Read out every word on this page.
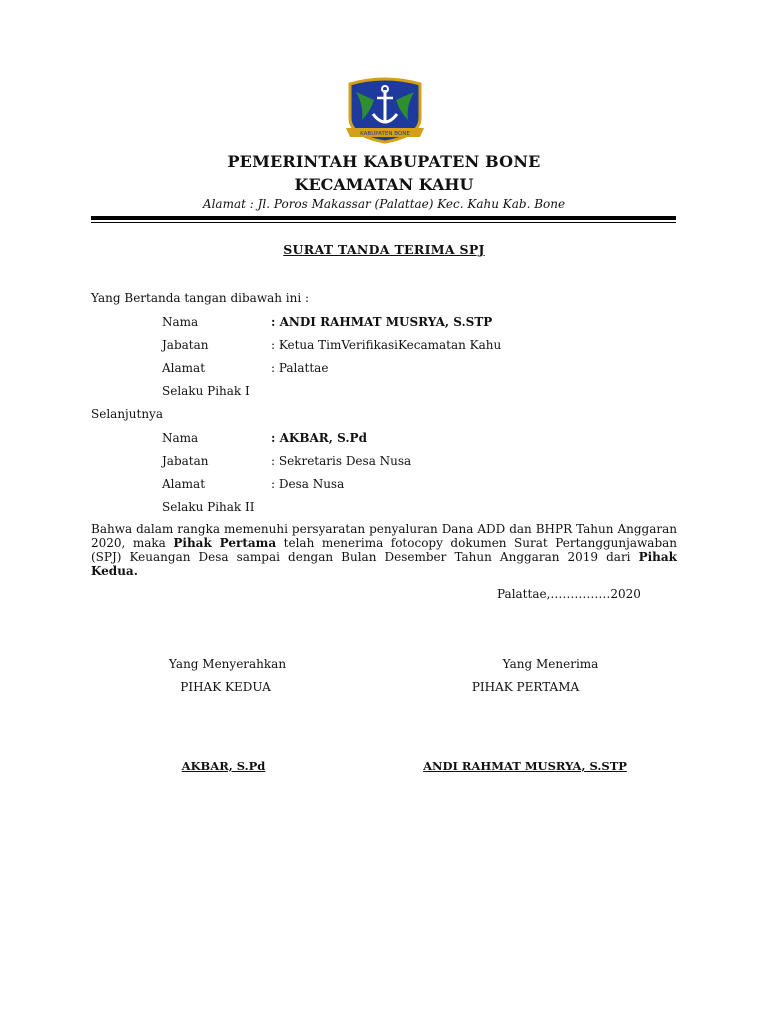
KABUPATEN BONE
PEMERINTAH KABUPATEN BONE
KECAMATAN KAHU
Alamat : Jl. Poros Makassar (Palattae) Kec. Kahu Kab. Bone
SURAT TANDA TERIMA SPJ
Yang Bertanda tangan dibawah ini :
Nama	: ANDI RAHMAT MUSRYA, S.STP
Jabatan	: Ketua TimVerifikasiKecamatan Kahu
Alamat	: Palattae
Selaku Pihak I
Selanjutnya
Nama	: AKBAR, S.Pd
Jabatan	: Sekretaris Desa Nusa
Alamat	: Desa Nusa
Selaku Pihak II
Bahwa dalam rangka memenuhi persyaratan penyaluran Dana ADD dan BHPR Tahun Anggaran 2020, maka Pihak Pertama telah menerima fotocopy dokumen Surat Pertanggunjawaban (SPJ) Keuangan Desa sampai dengan Bulan Desember Tahun Anggaran 2019 dari Pihak Kedua.
Palattae,……………2020
Yang Menyerahkan
PIHAK KEDUA
AKBAR, S.Pd
Yang Menerima
PIHAK PERTAMA
ANDI RAHMAT MUSRYA, S.STP
